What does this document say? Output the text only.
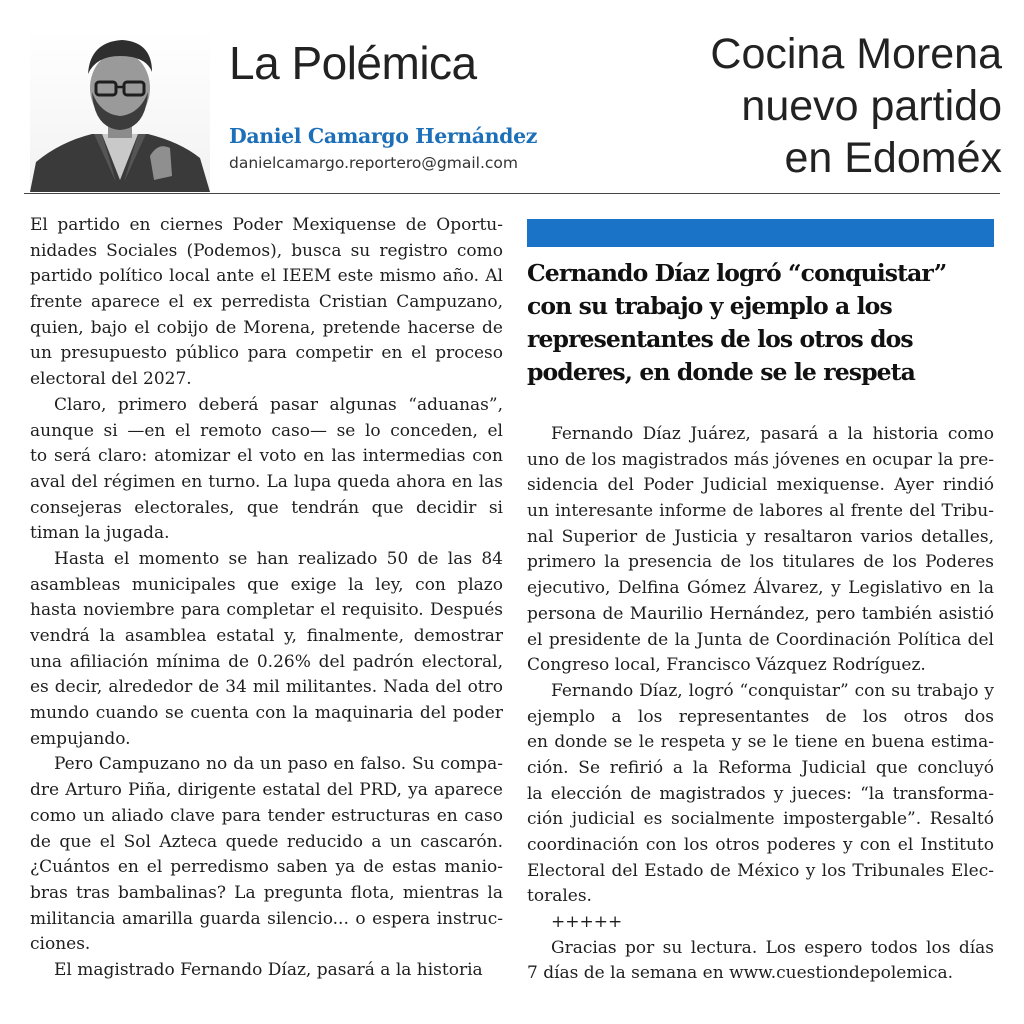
La Polémica
Daniel Camargo Hernández
danielcamargo.reportero@gmail.com
Cocina Morena
nuevo partido
en Edoméx
El partido en ciernes Poder Mexiquense de Oportu-
nidades Sociales (Podemos), busca su registro como
partido político local ante el IEEM este mismo año. Al
frente aparece el ex perredista Cristian Campuzano,
quien, bajo el cobijo de Morena, pretende hacerse de
un presupuesto público para competir en el proceso
electoral del 2027.
Claro, primero deberá pasar algunas “aduanas”,
aunque si —en el remoto caso— se lo conceden, el
to será claro: atomizar el voto en las intermedias con
aval del régimen en turno. La lupa queda ahora en las
consejeras electorales, que tendrán que decidir si
timan la jugada.
Hasta el momento se han realizado 50 de las 84
asambleas municipales que exige la ley, con plazo
hasta noviembre para completar el requisito. Después
vendrá la asamblea estatal y, finalmente, demostrar
una afiliación mínima de 0.26% del padrón electoral,
es decir, alrededor de 34 mil militantes. Nada del otro
mundo cuando se cuenta con la maquinaria del poder
empujando.
Pero Campuzano no da un paso en falso. Su compa-
dre Arturo Piña, dirigente estatal del PRD, ya aparece
como un aliado clave para tender estructuras en caso
de que el Sol Azteca quede reducido a un cascarón.
¿Cuántos en el perredismo saben ya de estas manio-
bras tras bambalinas? La pregunta flota, mientras la
militancia amarilla guarda silencio... o espera instruc-
ciones.
El magistrado Fernando Díaz, pasará a la historia
Cernando Díaz logró “conquistar”
con su trabajo y ejemplo a los
representantes de los otros dos
poderes, en donde se le respeta
Fernando Díaz Juárez, pasará a la historia como
uno de los magistrados más jóvenes en ocupar la pre-
sidencia del Poder Judicial mexiquense. Ayer rindió
un interesante informe de labores al frente del Tribu-
nal Superior de Justicia y resaltaron varios detalles,
primero la presencia de los titulares de los Poderes
ejecutivo, Delfina Gómez Álvarez, y Legislativo en la
persona de Maurilio Hernández, pero también asistió
el presidente de la Junta de Coordinación Política del
Congreso local, Francisco Vázquez Rodríguez.
Fernando Díaz, logró “conquistar” con su trabajo y
ejemplo a los representantes de los otros dos
en donde se le respeta y se le tiene en buena estima-
ción. Se refirió a la Reforma Judicial que concluyó
la elección de magistrados y jueces: “la transforma-
ción judicial es socialmente impostergable”. Resaltó
coordinación con los otros poderes y con el Instituto
Electoral del Estado de México y los Tribunales Elec-
torales.
+++++
Gracias por su lectura. Los espero todos los días
7 días de la semana en www.cuestiondepolemica.
